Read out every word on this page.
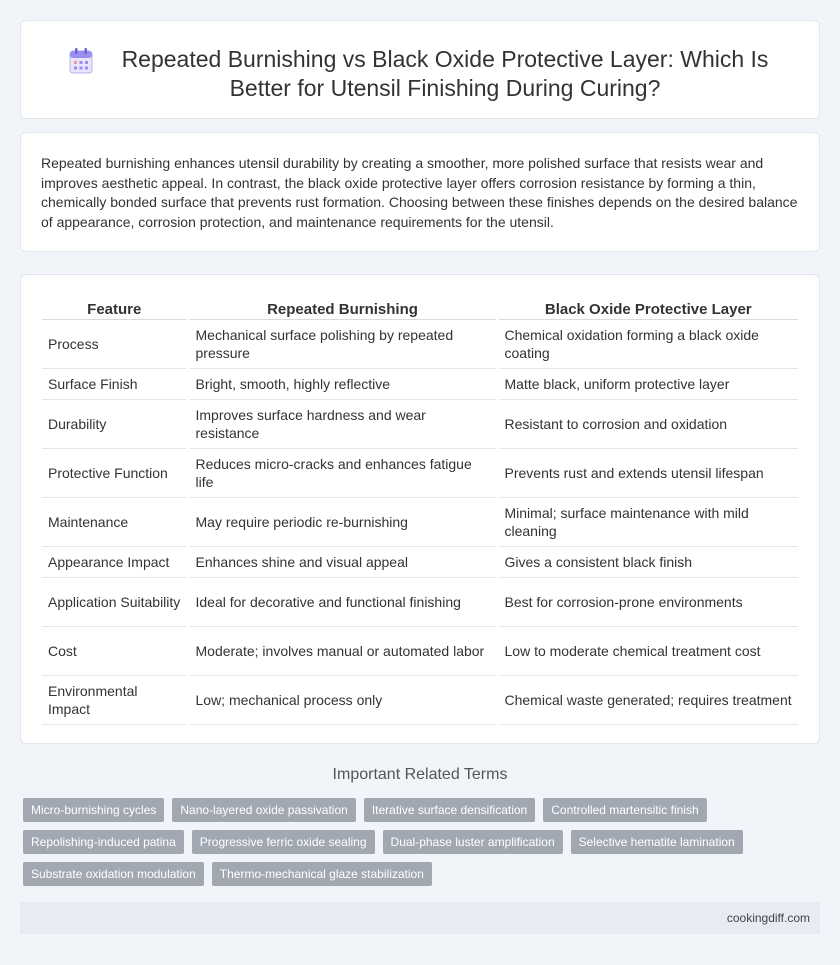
Repeated Burnishing vs Black Oxide Protective Layer: Which Is Better for Utensil Finishing During Curing?

Repeated burnishing enhances utensil durability by creating a smoother, more polished surface that resists wear and improves aesthetic appeal. In contrast, the black oxide protective layer offers corrosion resistance by forming a thin, chemically bonded surface that prevents rust formation. Choosing between these finishes depends on the desired balance of appearance, corrosion protection, and maintenance requirements for the utensil.

Feature	Repeated Burnishing	Black Oxide Protective Layer
Process	Mechanical surface polishing by repeated pressure	Chemical oxidation forming a black oxide coating
Surface Finish	Bright, smooth, highly reflective	Matte black, uniform protective layer
Durability	Improves surface hardness and wear resistance	Resistant to corrosion and oxidation
Protective Function	Reduces micro-cracks and enhances fatigue life	Prevents rust and extends utensil lifespan
Maintenance	May require periodic re-burnishing	Minimal; surface maintenance with mild cleaning
Appearance Impact	Enhances shine and visual appeal	Gives a consistent black finish
Application Suitability	Ideal for decorative and functional finishing	Best for corrosion-prone environments
Cost	Moderate; involves manual or automated labor	Low to moderate chemical treatment cost
Environmental Impact	Low; mechanical process only	Chemical waste generated; requires treatment
Important Related Terms
Micro-burnishing cycles	Nano-layered oxide passivation	Iterative surface densification	Controlled martensitic finish
Repolishing-induced patina	Progressive ferric oxide sealing	Dual-phase luster amplification	Selective hematite lamination
Substrate oxidation modulation	Thermo-mechanical glaze stabilization
cookingdiff.com
